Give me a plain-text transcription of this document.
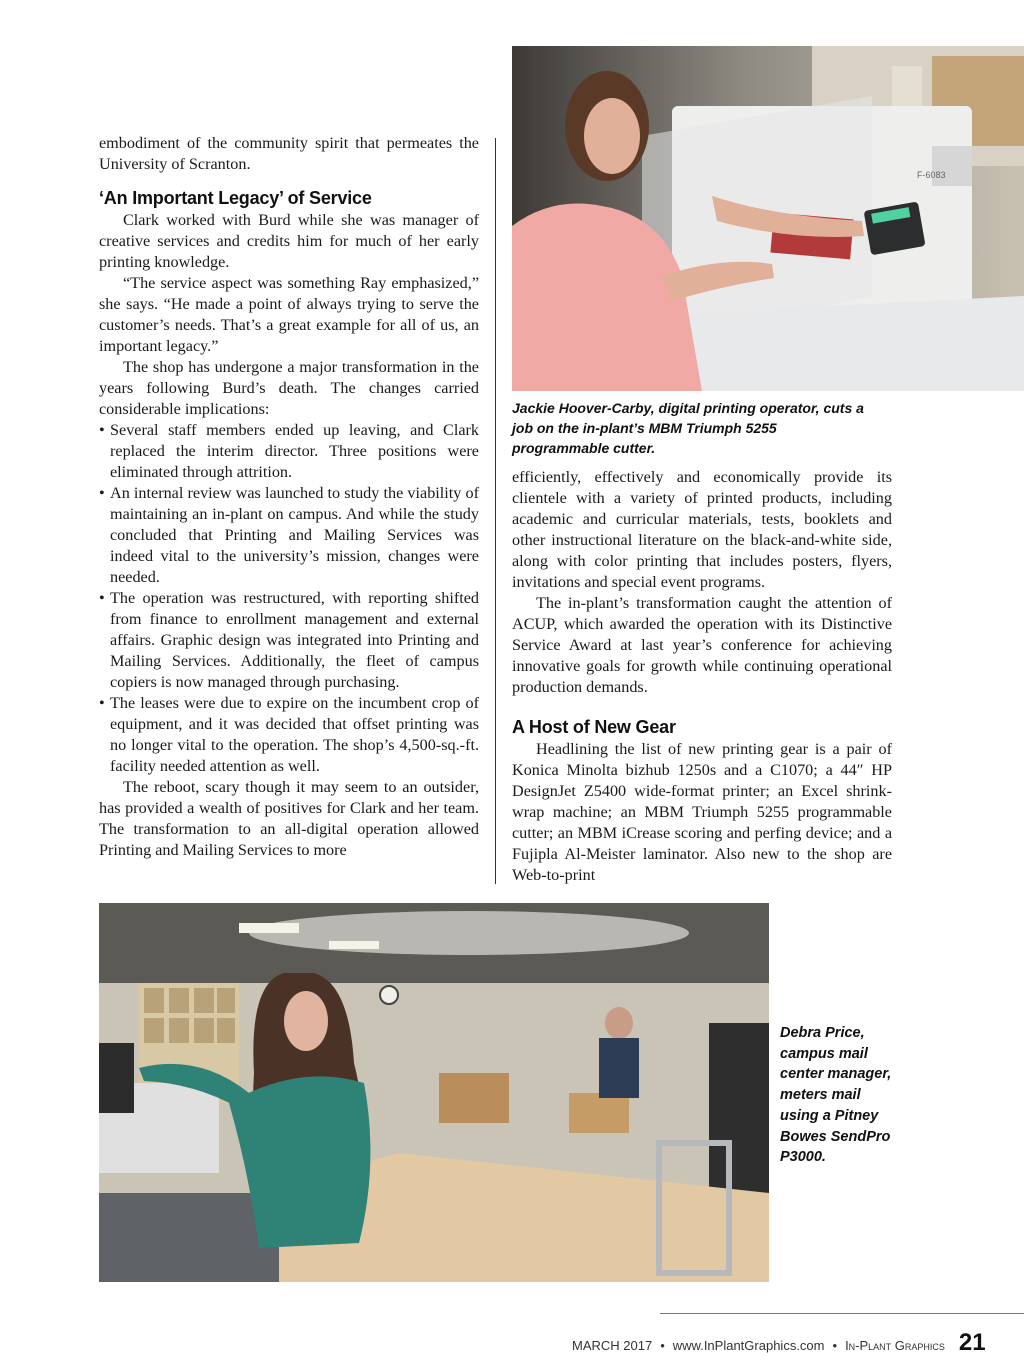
embodiment of the community spirit that permeates the University of Scranton.

‘An Important Legacy’ of Service

Clark worked with Burd while she was manager of creative services and credits him for much of her early printing knowledge.

“The service aspect was something Ray emphasized,” she says. “He made a point of always trying to serve the customer’s needs. That’s a great example for all of us, an important legacy.”

The shop has undergone a major transformation in the years following Burd’s death. The changes carried considerable implications:

• Several staff members ended up leaving, and Clark replaced the interim director. Three positions were eliminated through attrition.
• An internal review was launched to study the viability of maintaining an in-plant on campus. And while the study concluded that Printing and Mailing Services was indeed vital to the university’s mission, changes were needed.
• The operation was restructured, with reporting shifted from finance to enrollment management and external affairs. Graphic design was integrated into Printing and Mailing Services. Additionally, the fleet of campus copiers is now managed through purchasing.
• The leases were due to expire on the incumbent crop of equipment, and it was decided that offset printing was no longer vital to the operation. The shop’s 4,500-sq.-ft. facility needed attention as well.

The reboot, scary though it may seem to an outsider, has provided a wealth of positives for Clark and her team. The transformation to an all-digital operation allowed Printing and Mailing Services to more

F-6083
Jackie Hoover-Carby, digital printing operator, cuts a job on the in-plant’s MBM Triumph 5255 programmable cutter.

efficiently, effectively and economically provide its clientele with a variety of printed products, including academic and curricular materials, tests, booklets and other instructional literature on the black-and-white side, along with color printing that includes posters, flyers, invitations and special event programs.

The in-plant’s transformation caught the attention of ACUP, which awarded the operation with its Distinctive Service Award at last year’s conference for achieving innovative goals for growth while continuing operational production demands.

A Host of New Gear

Headlining the list of new printing gear is a pair of Konica Minolta bizhub 1250s and a C1070; a 44″ HP DesignJet Z5400 wide-format printer; an Excel shrink-wrap machine; an MBM Triumph 5255 programmable cutter; an MBM iCrease scoring and perfing device; and a Fujipla Al-Meister laminator. Also new to the shop are Web-to-print

Debra Price, campus mail center manager, meters mail using a Pitney Bowes SendPro P3000.
MARCH 2017 • www.InPlantGraphics.com • In-Plant Graphics 21
